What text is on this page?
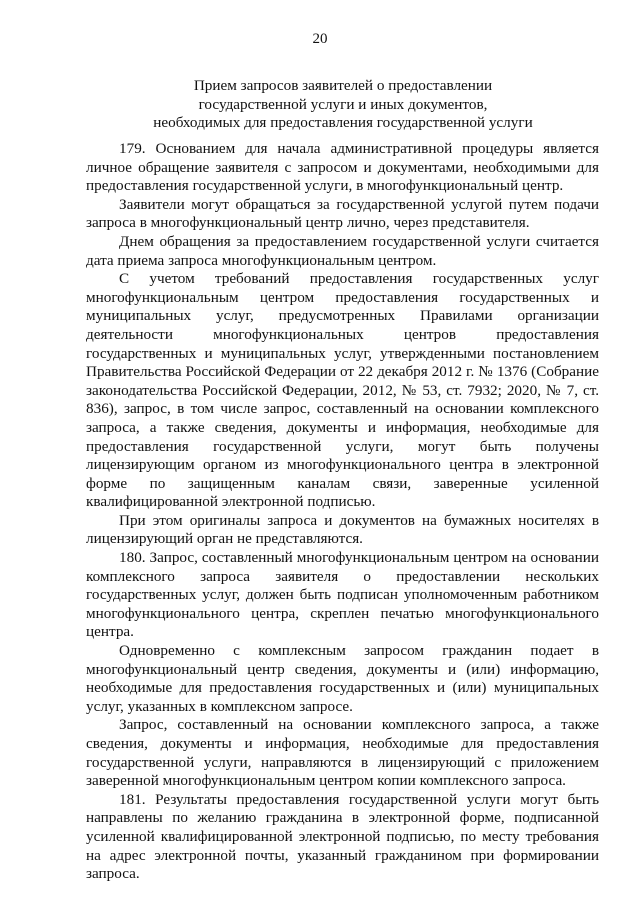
20
Прием запросов заявителей о предоставлении
государственной услуги и иных документов,
необходимых для предоставления государственной услуги

179. Основанием для начала административной процедуры является личное обращение заявителя с запросом и документами, необходимыми для предоставления государственной услуги, в многофункциональный центр.

Заявители могут обращаться за государственной услугой путем подачи запроса в многофункциональный центр лично, через представителя.

Днем обращения за предоставлением государственной услуги считается дата приема запроса многофункциональным центром.

С учетом требований предоставления государственных услуг многофункциональным центром предоставления государственных и муниципальных услуг, предусмотренных Правилами организации деятельности многофункциональных центров предоставления государственных и муниципальных услуг, утвержденными постановлением Правительства Российской Федерации от 22 декабря 2012 г. № 1376 (Собрание законодательства Российской Федерации, 2012, № 53, ст. 7932; 2020, № 7, ст. 836), запрос, в том числе запрос, составленный на основании комплексного запроса, а также сведения, документы и информация, необходимые для предоставления государственной услуги, могут быть получены лицензирующим органом из многофункционального центра в электронной форме по защищенным каналам связи, заверенные усиленной квалифицированной электронной подписью.

При этом оригиналы запроса и документов на бумажных носителях в лицензирующий орган не представляются.

180. Запрос, составленный многофункциональным центром на основании комплексного запроса заявителя о предоставлении нескольких государственных услуг, должен быть подписан уполномоченным работником многофункционального центра, скреплен печатью многофункционального центра.

Одновременно с комплексным запросом гражданин подает в многофункциональный центр сведения, документы и (или) информацию, необходимые для предоставления государственных и (или) муниципальных услуг, указанных в комплексном запросе.

Запрос, составленный на основании комплексного запроса, а также сведения, документы и информация, необходимые для предоставления государственной услуги, направляются в лицензирующий с приложением заверенной многофункциональным центром копии комплексного запроса.

181. Результаты предоставления государственной услуги могут быть направлены по желанию гражданина в электронной форме, подписанной усиленной квалифицированной электронной подписью, по месту требования на адрес электронной почты, указанный гражданином при формировании запроса.
